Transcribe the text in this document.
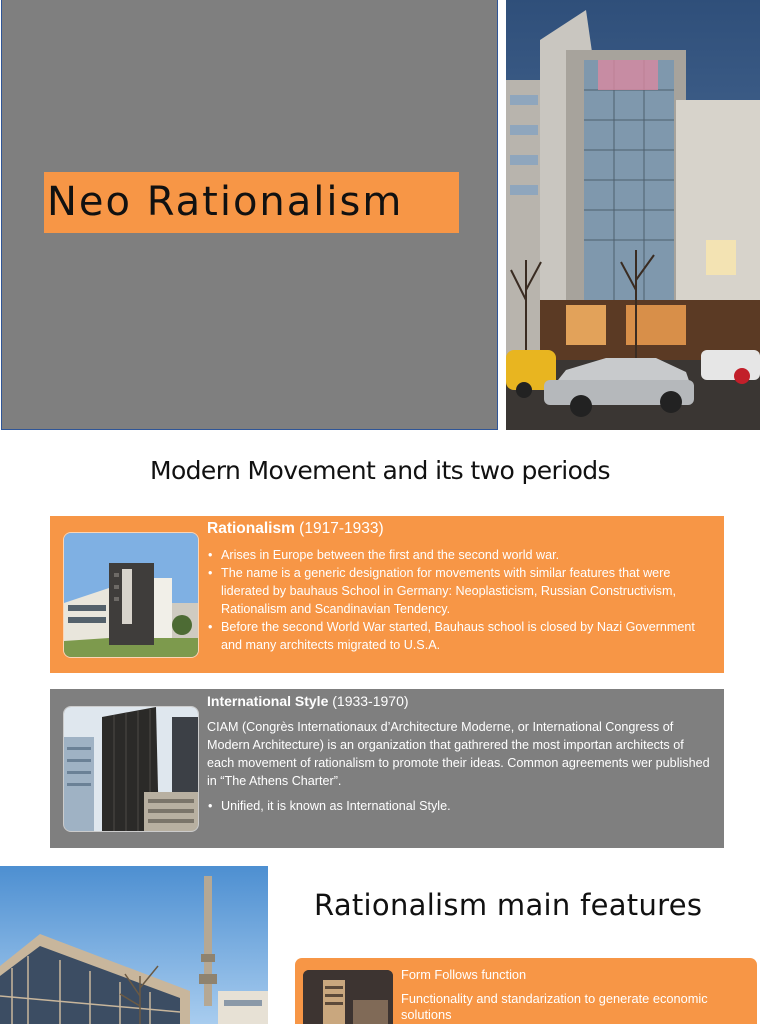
Neo Rationalism
Modern Movement and its two periods
Rationalism (1917-1933)
• Arises in Europe between the first and the second world war.
• The name is a generic designation for movements with similar features that were liderated by bauhaus School in Germany: Neoplasticism, Russian Constructivism, Rationalism and Scandinavian Tendency.
• Before the second World War started, Bauhaus school is closed by Nazi Government and many architects migrated to U.S.A.
International Style (1933-1970)

CIAM (Congrès Internationaux d’Architecture Moderne, or International Congress of Modern Architecture) is an organization that gathrered the most importan architects of each movement of rationalism to promote their ideas. Common agreements wer published in “The Athens Charter”.

• Unified, it is known as International Style.
Rationalism main features
Form Follows function
Functionality and standarization to generate economic solutions
